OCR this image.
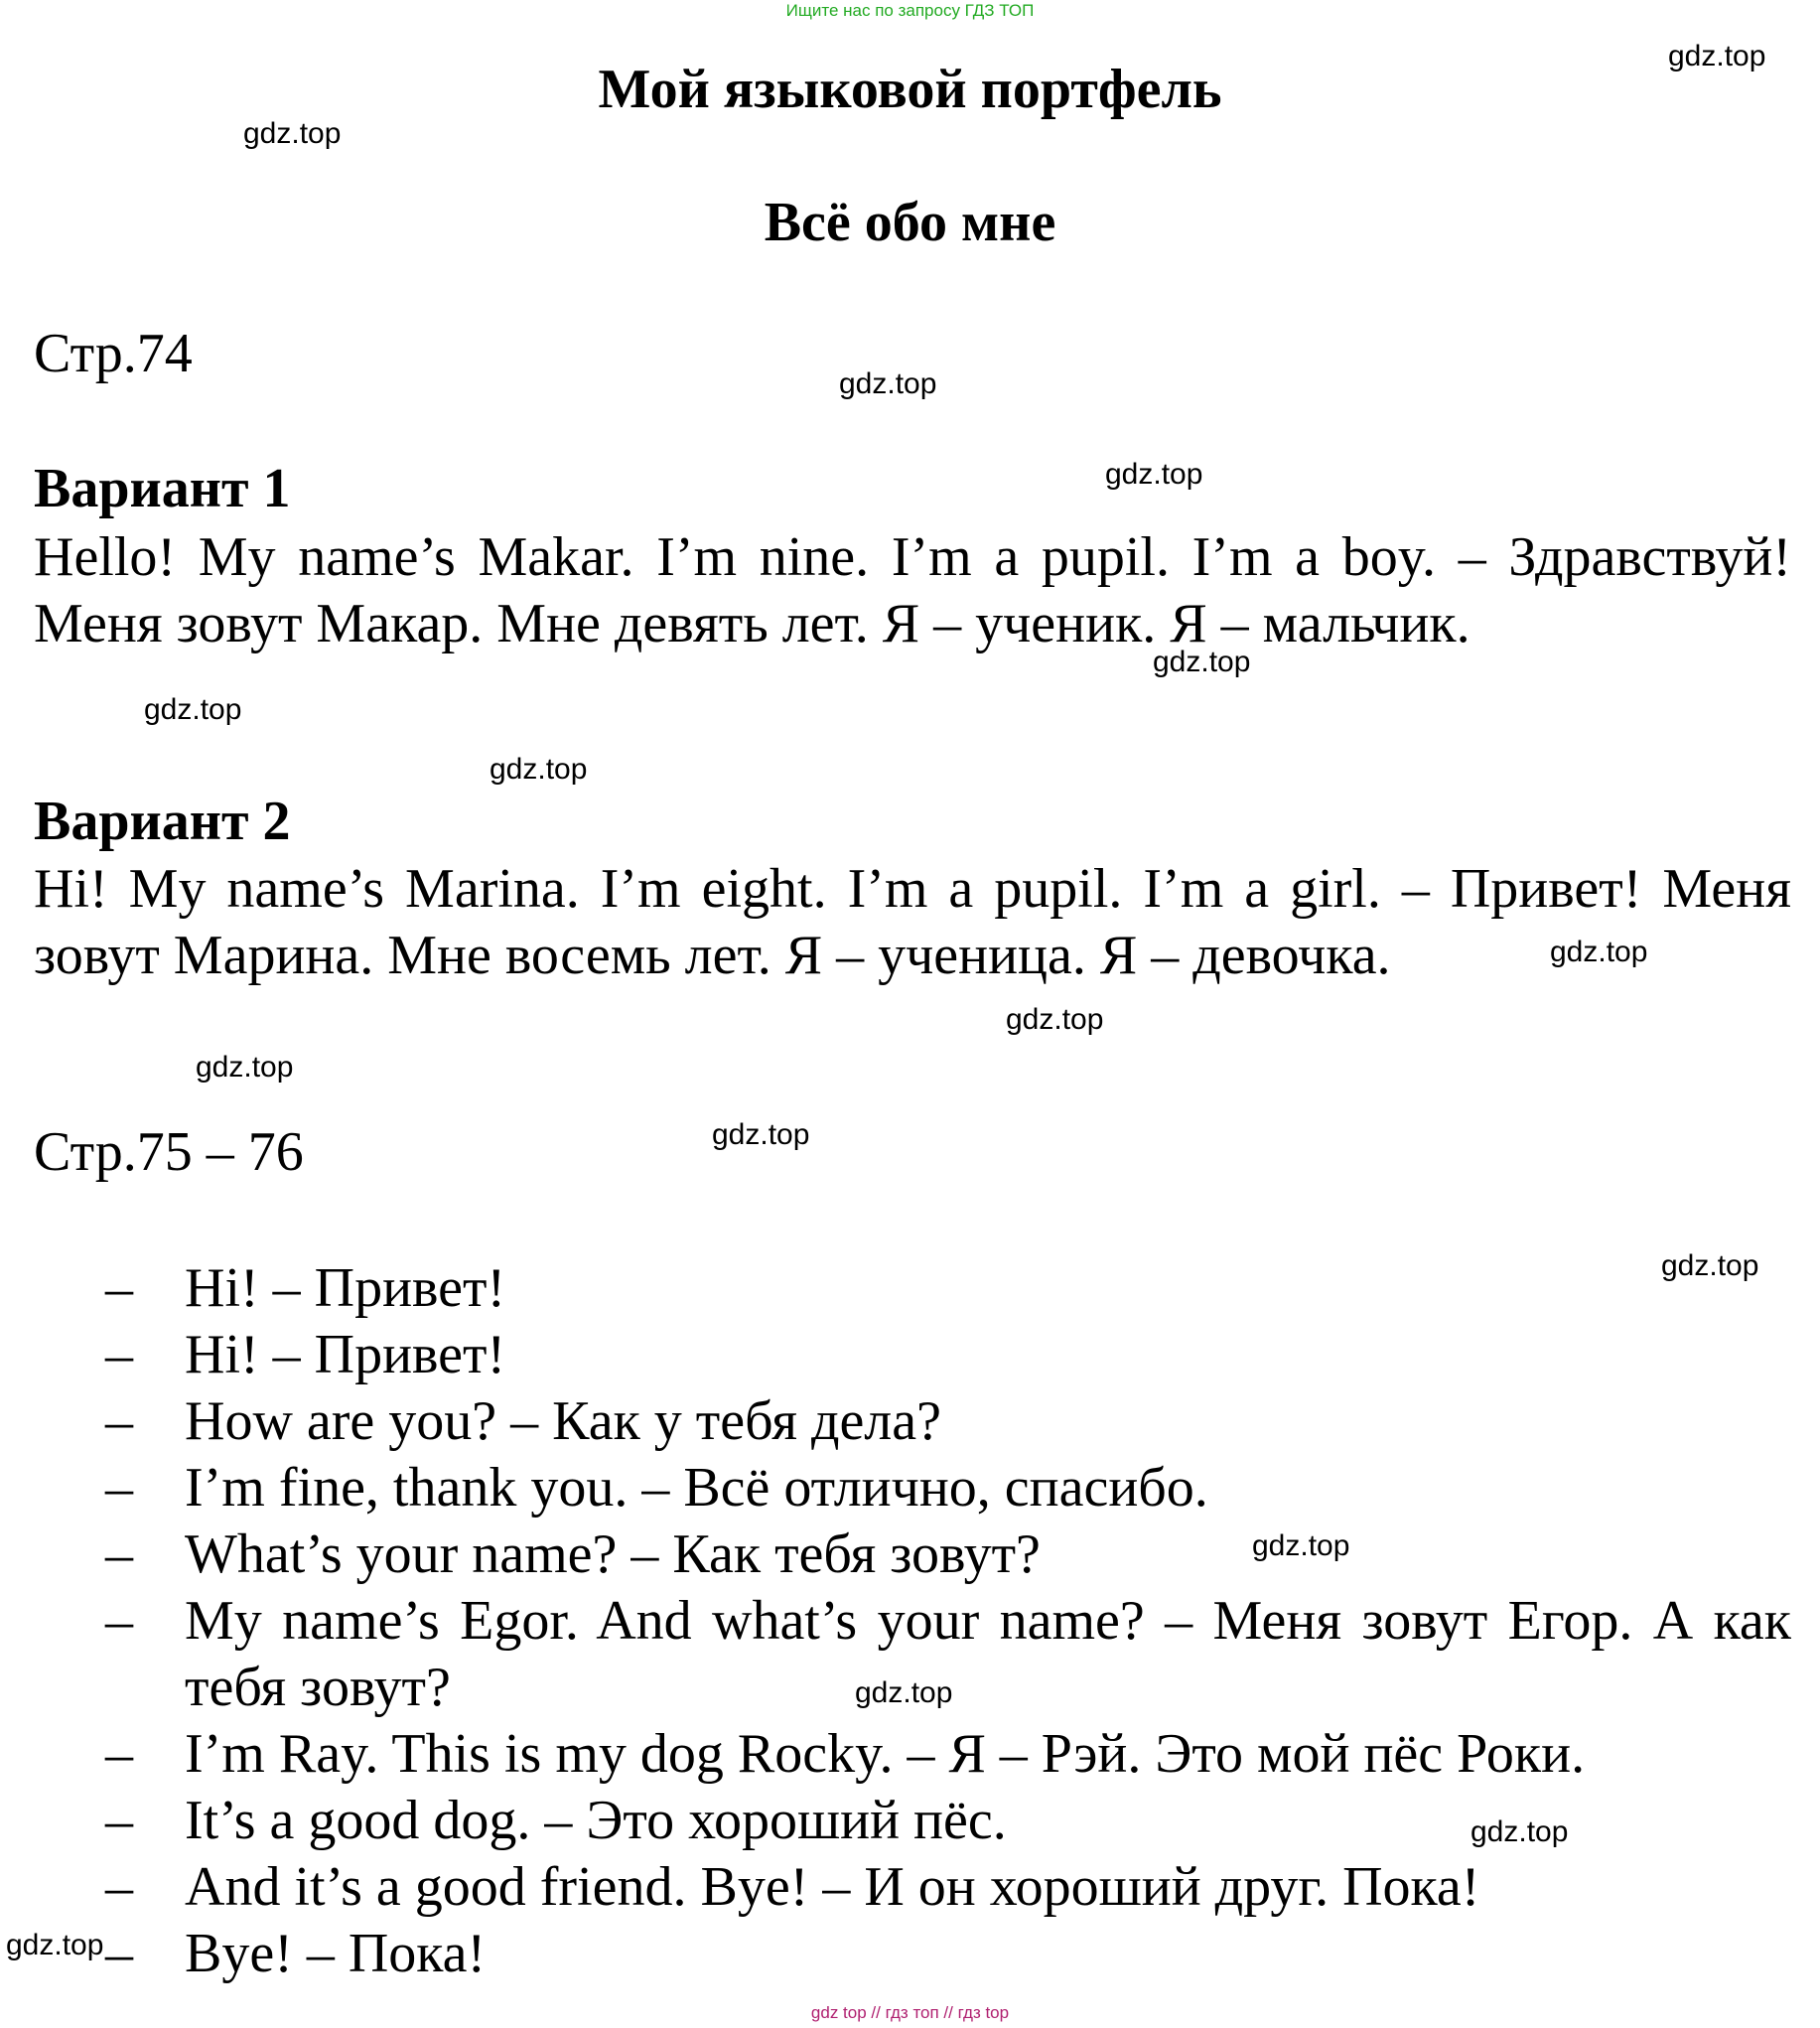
Ищите нас по запросу ГДЗ ТОП
Мой языковой портфель
Всё обо мне
Стр.74
Вариант 1
Hello! My name’s Makar. I’m nine. I’m a pupil. I’m a boy. – Здравствуй! Меня зовут Макар. Мне девять лет. Я – ученик. Я – мальчик.
Вариант 2
Hi! My name’s Marina. I’m eight. I’m a pupil. I’m a girl. – Привет! Меня зовут Марина. Мне восемь лет. Я – ученица. Я – девочка.
Стр.75 – 76
– Hi! – Привет!
– Hi! – Привет!
– How are you? – Как у тебя дела?
– I’m fine, thank you. – Всё отлично, спасибо.
– What’s your name? – Как тебя зовут?
– My name’s Egor. And what’s your name? – Меня зовут Егор. А как тебя зовут?
– I’m Ray. This is my dog Rocky. – Я – Рэй. Это мой пёс Роки.
– It’s a good dog. – Это хороший пёс.
– And it’s a good friend. Bye! – И он хороший друг. Пока!
– Bye! – Пока!
gdz.top
gdz.top
gdz.top
gdz.top
gdz.top
gdz.top
gdz.top
gdz.top
gdz.top
gdz.top
gdz.top
gdz.top
gdz.top
gdz.top
gdz.top
gdz.top
gdz top // гдз топ // гдз top
